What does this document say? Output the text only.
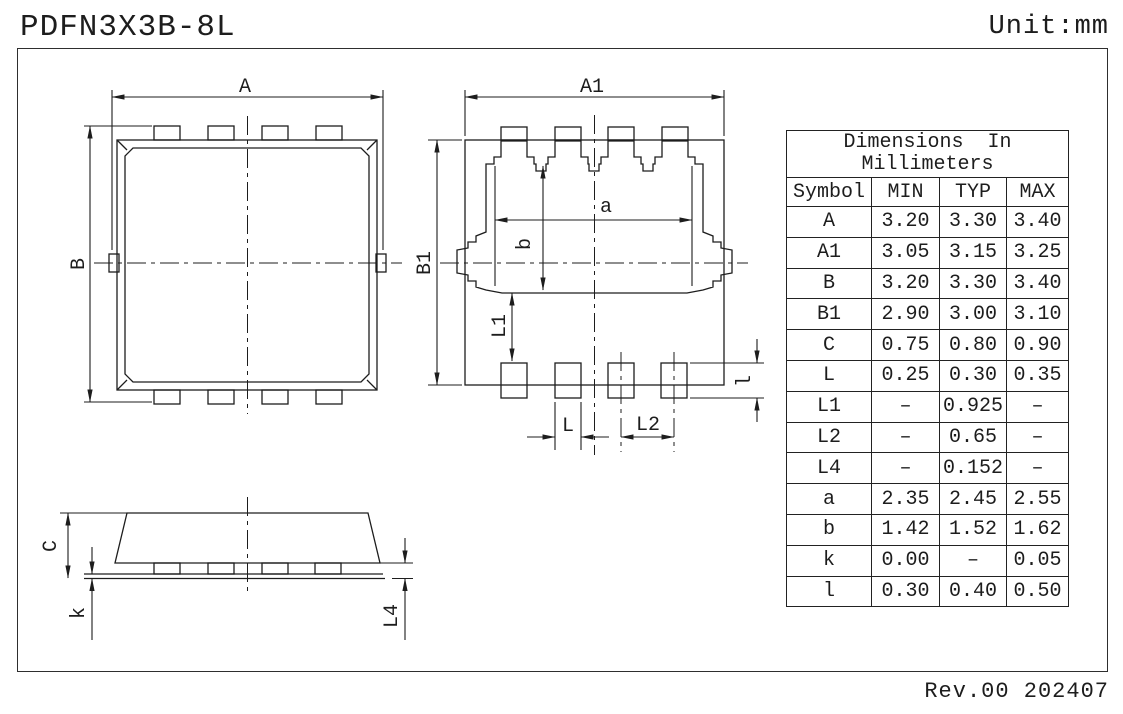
PDFN3X3B-8L	Unit:mm
Rev.00 202407
A
B
A1
B1
a
b
L1
L	L2
l
C
k	L4
Dimensions  In
Millimeters			

Symbol	MIN	TYP	MAX
A	3.20	3.30	3.40
A1	3.05	3.15	3.25
B	3.20	3.30	3.40
B1	2.90	3.00	3.10
C	0.75	0.80	0.90
L	0.25	0.30	0.35
L1	–	0.925	–
L2	–	0.65	–
L4	–	0.152	–
a	2.35	2.45	2.55
b	1.42	1.52	1.62
k	0.00	–	0.05
l	0.30	0.40	0.50
